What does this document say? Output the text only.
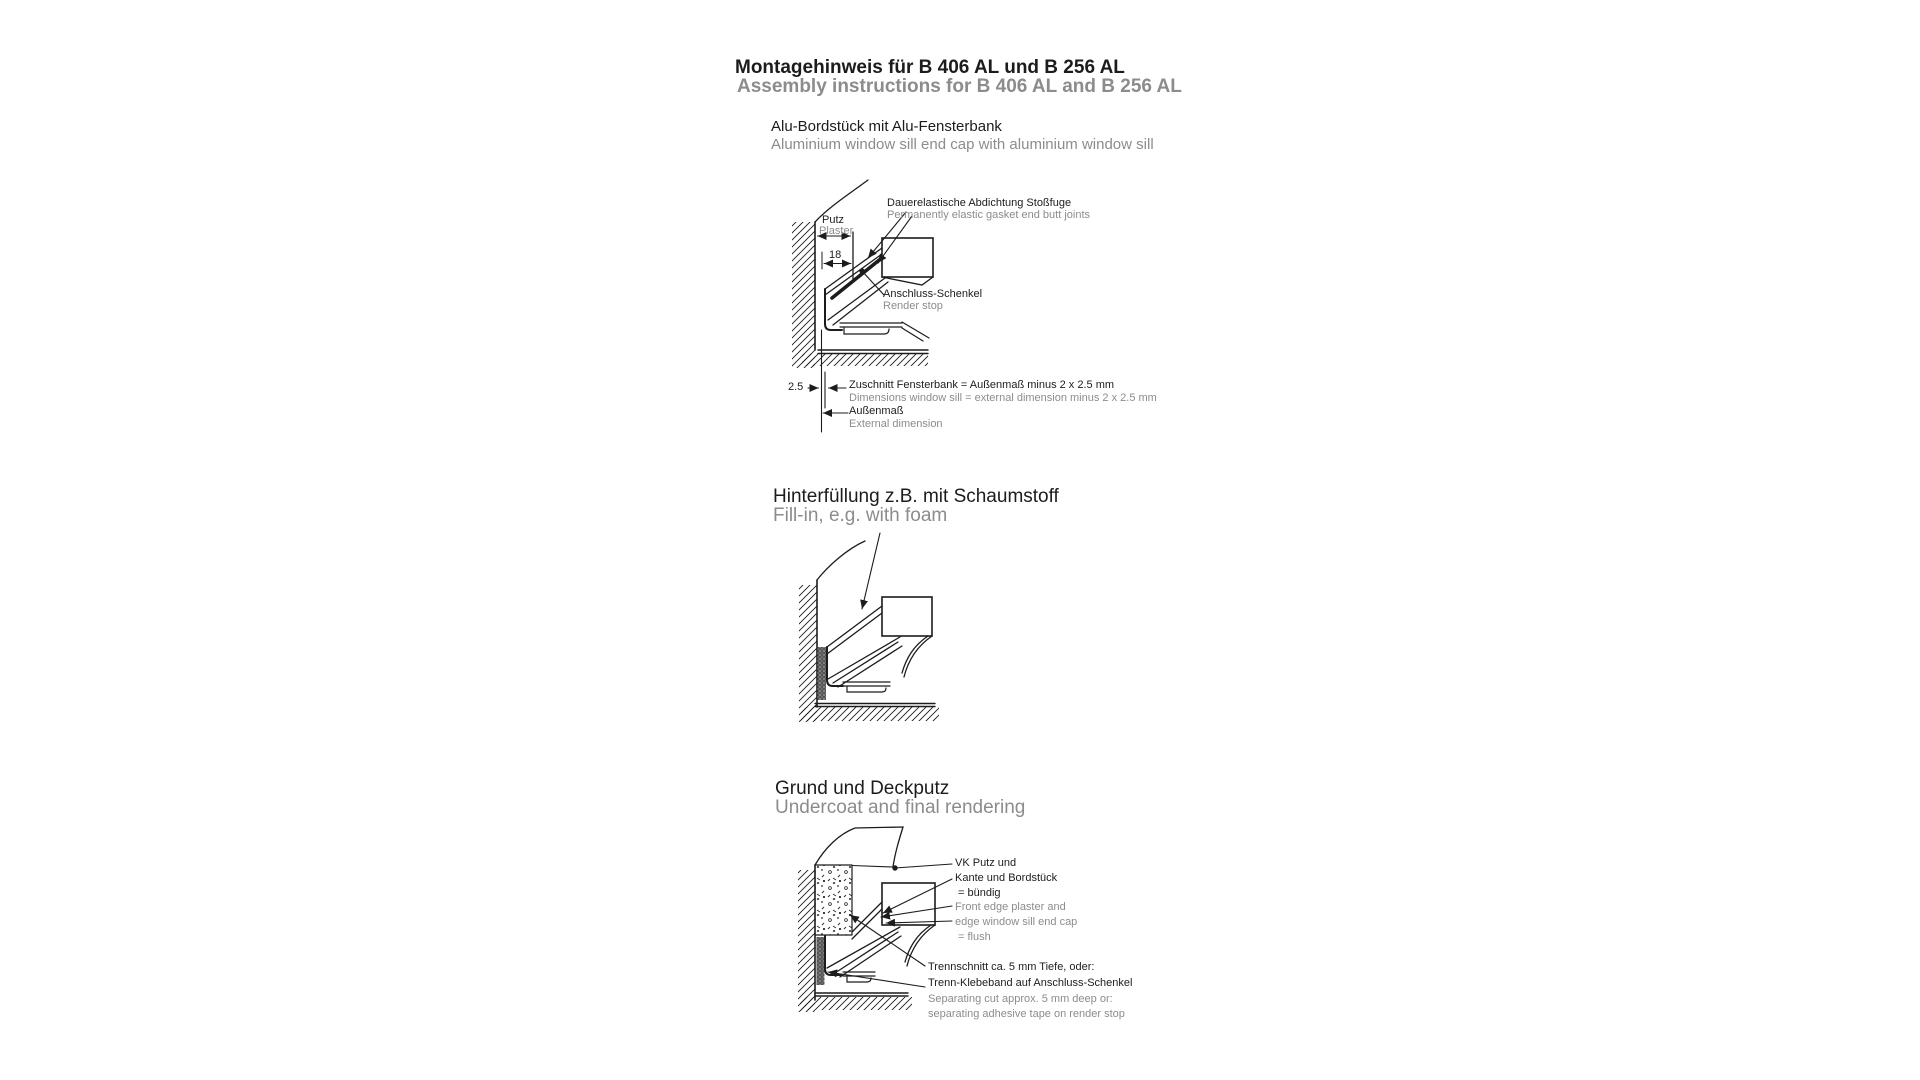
Montagehinweis für B 406 AL und B 256 AL
Assembly instructions for B 406 AL and B 256 AL
Alu-Bordstück mit Alu-Fensterbank
Aluminium window sill end cap with aluminium window sill
Putz
Plaster
18
Dauerelastische Abdichtung Stoßfuge
Permanently elastic gasket end butt joints
Anschluss-Schenkel
Render stop
2.5	Zuschnitt Fensterbank = Außenmaß minus 2 x 2.5 mm
Dimensions window sill = external dimension minus 2 x 2.5 mm
Außenmaß
External dimension
Hinterfüllung z.B. mit Schaumstoff
Fill-in, e.g. with foam
Grund und Deckputz
Undercoat and final rendering
VK Putz und
Kante und Bordstück
= bündig
Front edge plaster and
edge window sill end cap
= flush
Trennschnitt ca. 5 mm Tiefe, oder:
Trenn-Klebeband auf Anschluss-Schenkel
Separating cut approx. 5 mm deep or:
separating adhesive tape on render stop
